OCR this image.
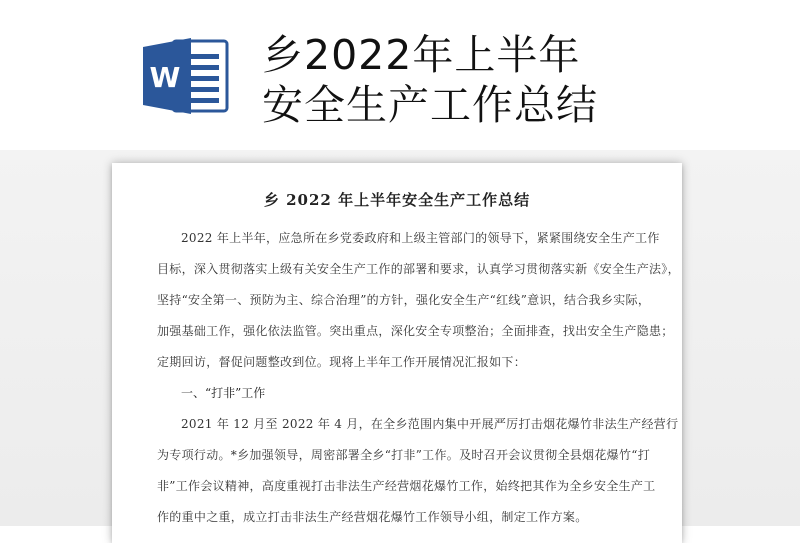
W 乡2022年上半年
安全生产工作总结
乡 2022 年上半年安全生产工作总结

2022 年上半年，应急所在乡党委政府和上级主管部门的领导下，紧紧围绕安全生产工作
目标，深入贯彻落实上级有关安全生产工作的部署和要求，认真学习贯彻落实新《安全生产法》，
坚持“安全第一、预防为主、综合治理”的方针，强化安全生产“红线”意识，结合我乡实际，
加强基础工作，强化依法监管。突出重点，深化安全专项整治；全面排查，找出安全生产隐患；
定期回访，督促问题整改到位。现将上半年工作开展情况汇报如下：

一、“打非”工作

2021 年 12 月至 2022 年 4 月，在全乡范围内集中开展严厉打击烟花爆竹非法生产经营行
为专项行动。*乡加强领导，周密部署全乡“打非”工作。及时召开会议贯彻全县烟花爆竹“打
非”工作会议精神，高度重视打击非法生产经营烟花爆竹工作，始终把其作为全乡安全生产工
作的重中之重，成立打击非法生产经营烟花爆竹工作领导小组，制定工作方案。
